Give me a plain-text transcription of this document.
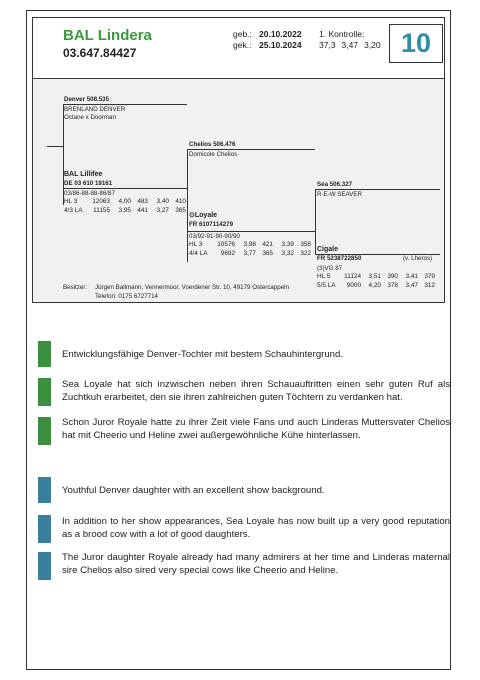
BAL Lindera
03.647.84427
geb.: 20.10.2022
gek.: 25.10.2024
1. Kontrolle:
37,3 3,47 3,20 10
Denver 508.535
BRENLAND DENVER
Octane x Doorman
Chelios 506.476
Domicole Chelios
BAL Lillifee
DE 03 610 19161
03/86-88-88-86/87
HL 3 12063 4,00 483 3,40 410
4/3 LA 11155 3,95 441 3,27 365
⊙Loyale
FR 6107114279
03/92-91-90-90/90
HL 3 10576 3,98 421 3,39 358
4/4 LA 9692 3,77 365 3,32 322
Sea 506.327
R-E-W SEAVER
Cigale
FR 5238722850	(v. Lheros)
(3)VG 87
HL 5 11124 3,51 390 3,41 379
5/5 LA 9000 4,20 378 3,47 312
Besitzer: Jürgen Ballmann, Vennermoor, Voerdener Str. 10, 49179 Ostercappeln
Telefon: 0175 6727714
Entwicklungsfähige Denver-Tochter mit bestem Schauhintergrund.
Sea Loyale hat sich inzwischen neben ihren Schauauftritten einen sehr guten Ruf als Zuchtkuh erarbeitet, den sie ihren zahlreichen guten Töchtern zu verdanken hat.
Schon Juror Royale hatte zu ihrer Zeit viele Fans und auch Linderas Muttersvater Chelios hat mit Cheerio und Heline zwei außergewöhnliche Kühe hinterlassen.
Youthful Denver daughter with an excellent show background.
In addition to her show appearances, Sea Loyale has now built up a very good reputation as a brood cow with a lot of good daughters.
The Juror daughter Royale already had many admirers at her time and Linderas maternal sire Chelios also sired very special cows like Cheerio and Heline.
